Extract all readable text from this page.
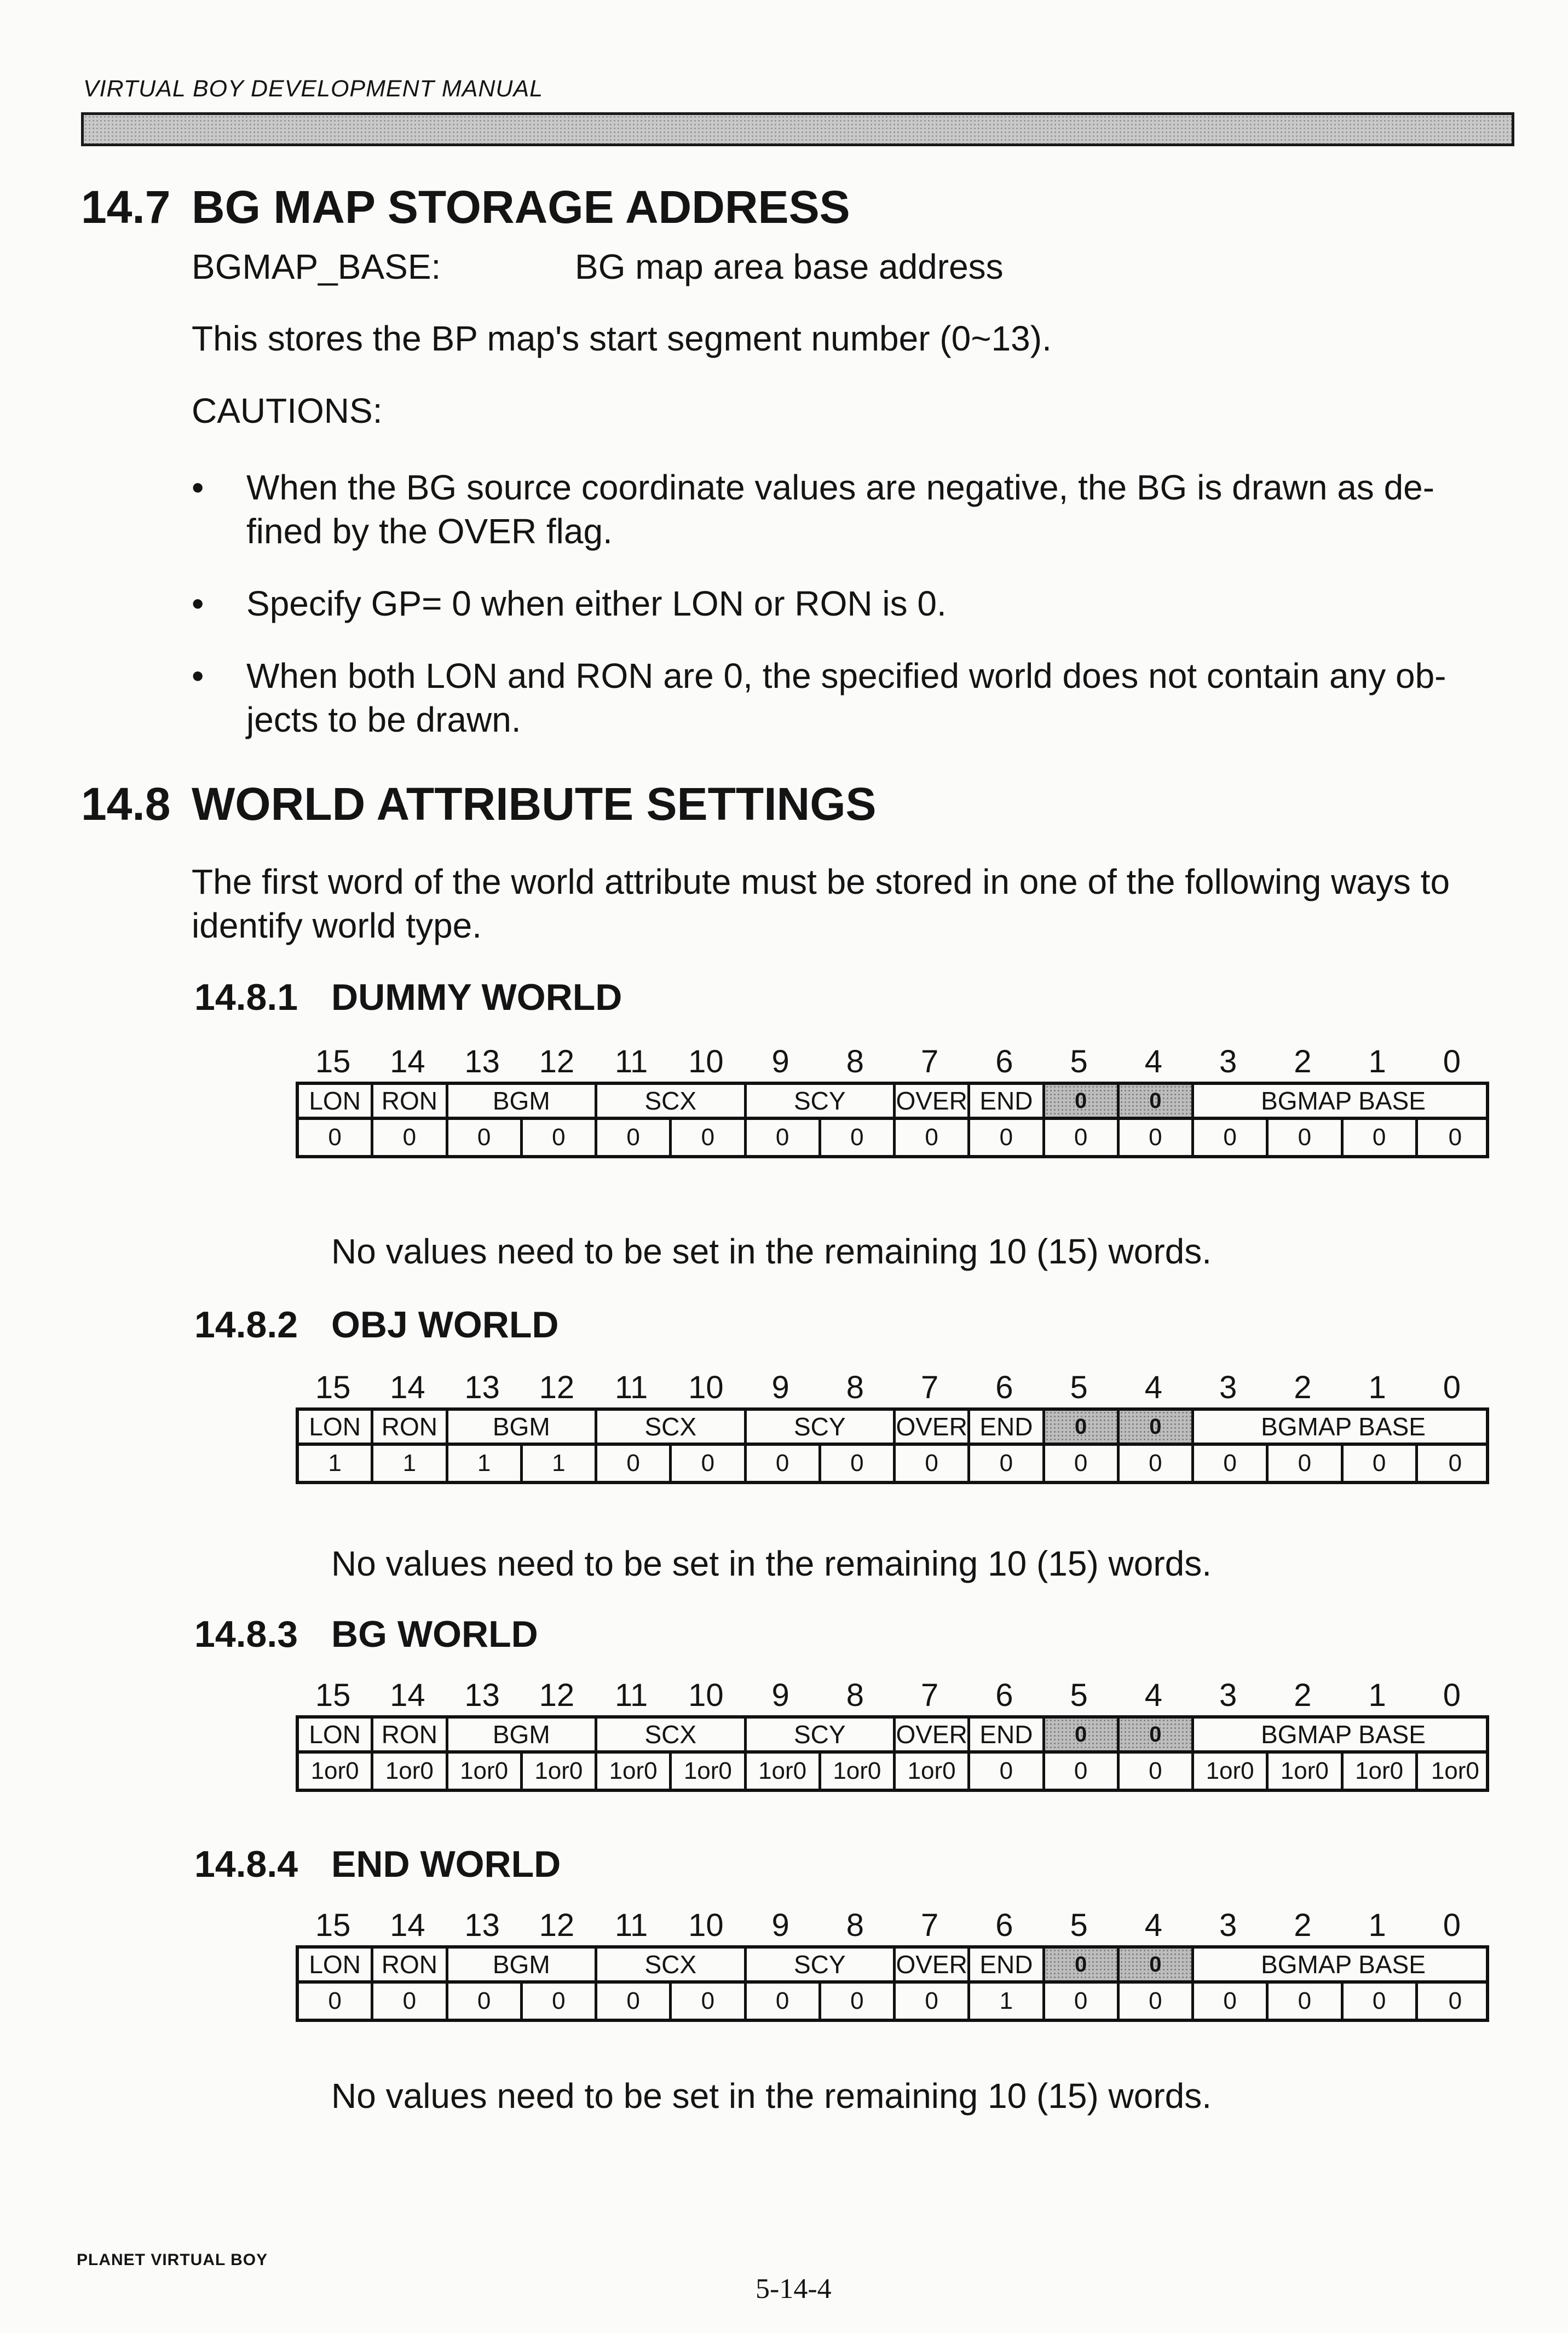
VIRTUAL BOY DEVELOPMENT MANUAL
14.7 BG MAP STORAGE ADDRESS
BGMAP_BASE:	BG map area base address
This stores the BP map's start segment number (0~13).
CAUTIONS:
• When the BG source coordinate values are negative, the BG is drawn as de- fined by the OVER flag.
• Specify GP= 0 when either LON or RON is 0.
• When both LON and RON are 0, the specified world does not contain any ob- jects to be drawn.
14.8 WORLD ATTRIBUTE SETTINGS
The first word of the world attribute must be stored in one of the following ways to identify world type.
14.8.1 DUMMY WORLD
15	14	13	12	11	10	9	8	7	6	5	4	3	2	1	0
LON RON	BGM	SCX	SCY	OVER END	0	0	BGMAP BASE
0	0	0	0	0	0	0	0	0	0	0	0	0	0	0	0
No values need to be set in the remaining 10 (15) words.
14.8.2 OBJ WORLD
15	14	13	12	11	10	9	8	7	6	5	4	3	2	1	0
LON RON	BGM	SCX	SCY	OVER END	0	0	BGMAP BASE
1	1	1	1	0	0	0	0	0	0	0	0	0	0	0	0
No values need to be set in the remaining 10 (15) words.
14.8.3 BG WORLD
15	14	13	12	11	10	9	8	7	6	5	4	3	2	1	0
LON RON	BGM	SCX	SCY	OVER END	0	0	BGMAP BASE
1or0	1or0	1or0	1or0	1or0	1or0	1or0	1or0	1or0	0	0	0	1or0	1or0	1or0	1or0
14.8.4 END WORLD
15	14	13	12	11	10	9	8	7	6	5	4	3	2	1	0
LON RON	BGM	SCX	SCY	OVER END	0	0	BGMAP BASE
0	0	0	0	0	0	0	0	0	1	0	0	0	0	0	0
No values need to be set in the remaining 10 (15) words.
PLANET VIRTUAL BOY
5-14-4
